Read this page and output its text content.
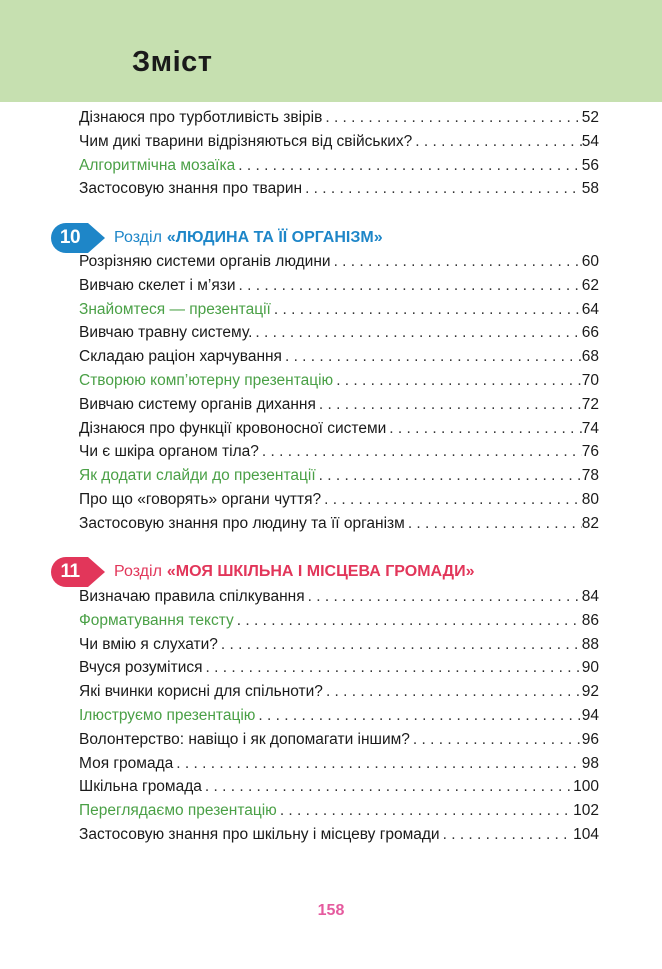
Зміст
Дізнаюся про турботливість звірів . . .	52
Чим дикі тварини відрізняються від свійських? . . .	54
Алгоритмічна мозаїка . . .	56
Застосовую знання про тварин . . .	58
10	Розділ «ЛЮДИНА ТА ЇЇ ОРГАНІЗМ»
Розрізняю системи органів людини . . .	60
Вивчаю скелет і м’язи . . .	62
Знайомтеся — презентації . . .	64
Вивчаю травну систему. . . .	66
Складаю раціон харчування . . .	68
Створюю комп’ютерну презентацію . . .	70
Вивчаю систему органів дихання . . .	72
Дізнаюся про функції кровоносної системи . . .	74
Чи є шкіра органом тіла? . . .	76
Як додати слайди до презентації . . .	78
Про що «говорять» органи чуття? . . .	80
Застосовую знання про людину та її організм . . .	82
11	Розділ «МОЯ ШКІЛЬНА І МІСЦЕВА ГРОМАДИ»
Визначаю правила спілкування . . .	84
Форматування тексту . . .	86
Чи вмію я слухати? . . .	88
Вчуся розумітися . . .	90
Які вчинки корисні для спільноти? . . .	92
Ілюструємо презентацію . . .	94
Волонтерство: навіщо і як допомагати іншим? . . .	96
Моя громада . . .	98
Шкільна громада . . .	100
Переглядаємо презентацію . . .	102
Застосовую знання про шкільну і місцеву громади . . .	104
158
